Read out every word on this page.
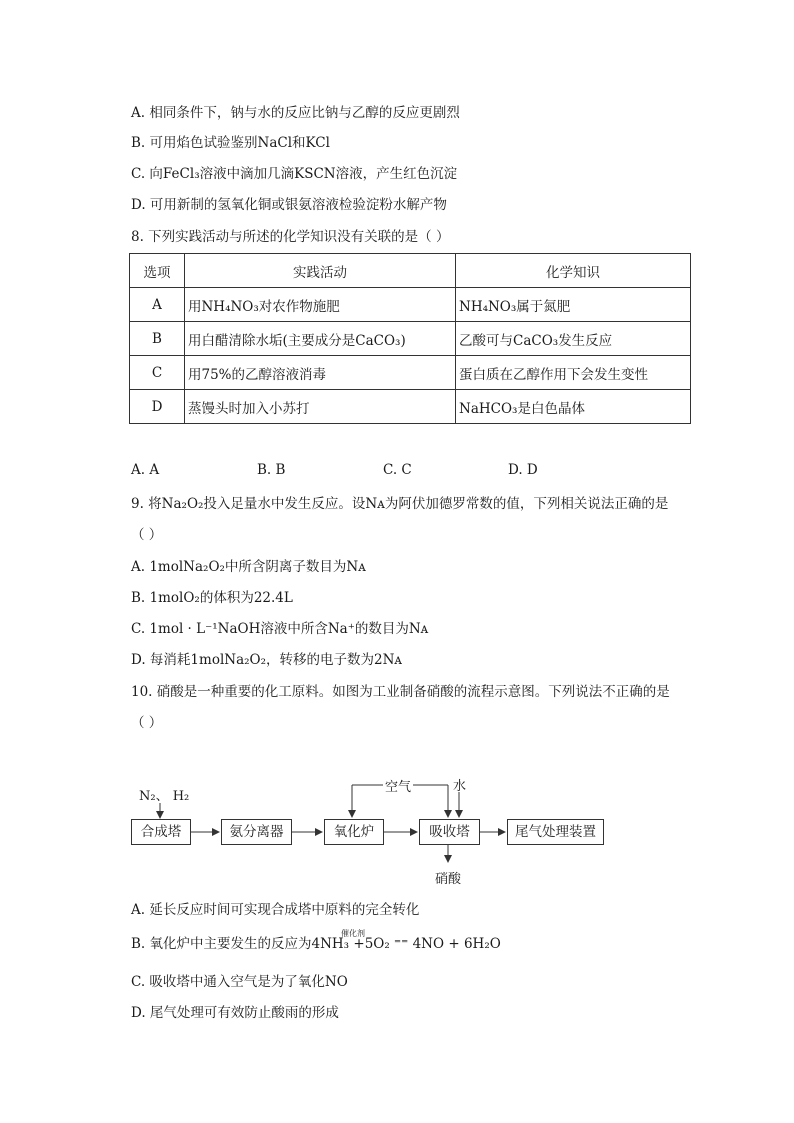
A. 相同条件下，钠与水的反应比钠与乙醇的反应更剧烈
B. 可用焰色试验鉴别NaCl和KCl
C. 向FeCl₃溶液中滴加几滴KSCN溶液，产生红色沉淀
D. 可用新制的氢氧化铜或银氨溶液检验淀粉水解产物
8. 下列实践活动与所述的化学知识没有关联的是（ ）
选项	实践活动	化学知识
A	用NH₄NO₃对农作物施肥	NH₄NO₃属于氮肥
B	用白醋清除水垢(主要成分是CaCO₃)	乙酸可与CaCO₃发生反应
C	用75%的乙醇溶液消毒	蛋白质在乙醇作用下会发生变性
D	蒸馒头时加入小苏打	NaHCO₃是白色晶体
A. A	B. B	C. C	D. D
9. 将Na₂O₂投入足量水中发生反应。设Nᴀ为阿伏加德罗常数的值，下列相关说法正确的是
（ ）
A. 1molNa₂O₂中所含阴离子数目为Nᴀ
B. 1molO₂的体积为22.4L
C. 1mol · L⁻¹NaOH溶液中所含Na⁺的数目为Nᴀ
D. 每消耗1molNa₂O₂，转移的电子数为2Nᴀ
10. 硝酸是一种重要的化工原料。如图为工业制备硝酸的流程示意图。下列说法不正确的是
（ ）
N₂、 H₂
空气	水
硝酸
合成塔	氨分离器	氧化炉	吸收塔	尾气处理装置
A. 延长反应时间可实现合成塔中原料的完全转化
催化剂
B. 氧化炉中主要发生的反应为4NH₃ +5O₂ ⁼⁼ 4NO + 6H₂O
C. 吸收塔中通入空气是为了氧化NO
D. 尾气处理可有效防止酸雨的形成
